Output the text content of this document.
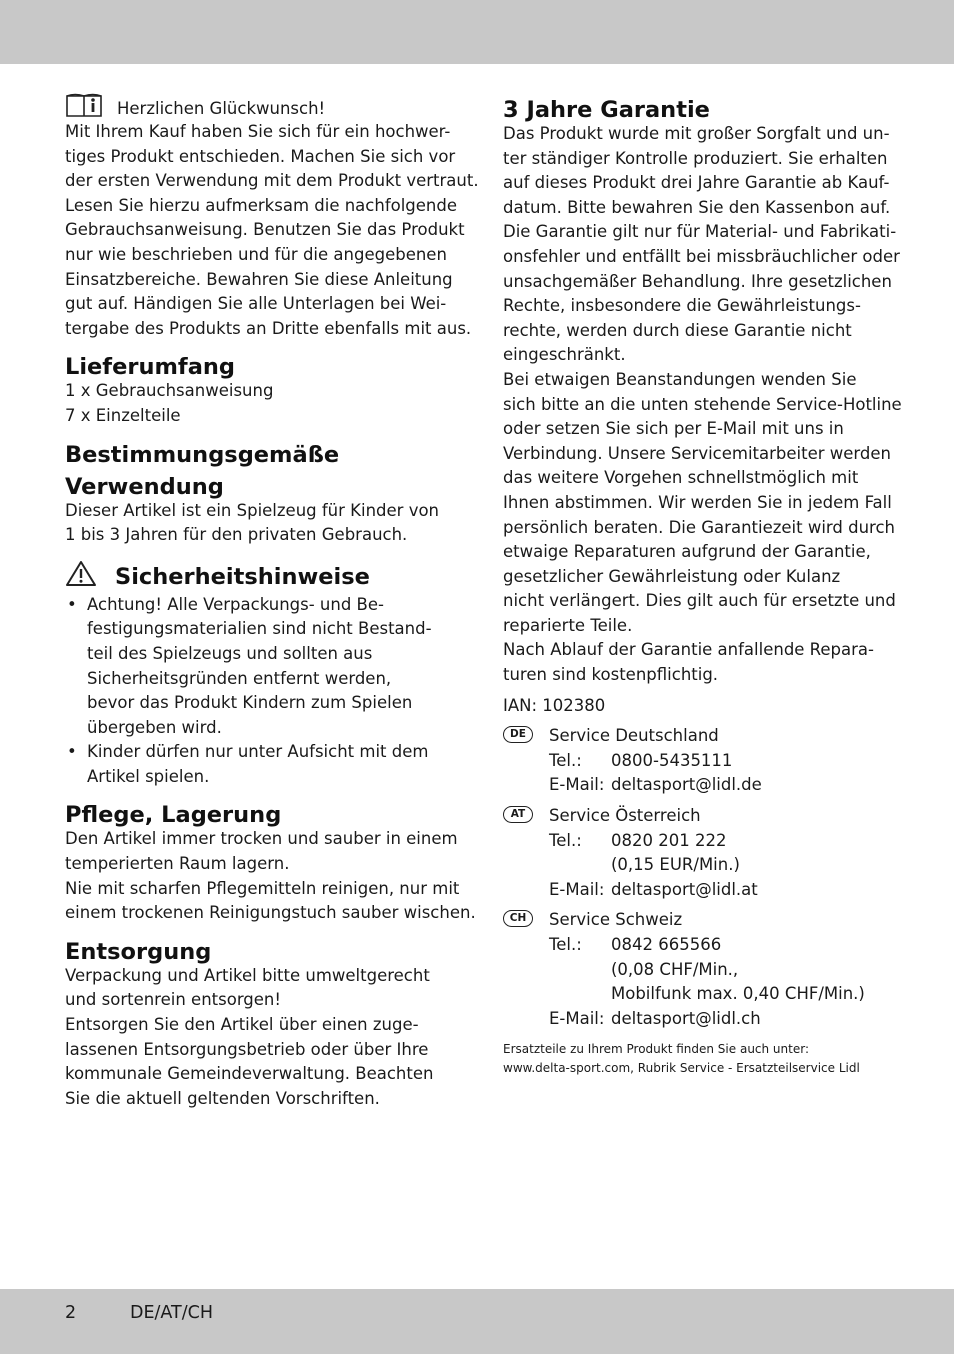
Herzlichen Glückwunsch!

Mit Ihrem Kauf haben Sie sich für ein hochwer-
tiges Produkt entschieden. Machen Sie sich vor
der ersten Verwendung mit dem Produkt vertraut.
Lesen Sie hierzu aufmerksam die nachfolgende
Gebrauchsanweisung. Benutzen Sie das Produkt
nur wie beschrieben und für die angegebenen
Einsatzbereiche. Bewahren Sie diese Anleitung
gut auf. Händigen Sie alle Unterlagen bei Wei-
tergabe des Produkts an Dritte ebenfalls mit aus.

Lieferumfang

1 x Gebrauchsanweisung
7 x Einzelteile

Bestimmungsgemäße
Verwendung

Dieser Artikel ist ein Spielzeug für Kinder von
1 bis 3 Jahren für den privaten Gebrauch.

Sicherheitshinweise
• Achtung! Alle Verpackungs- und Be-
festigungsmaterialien sind nicht Bestand-
teil des Spielzeugs und sollten aus
Sicherheitsgründen entfernt werden,
bevor das Produkt Kindern zum Spielen
übergeben wird.
• Kinder dürfen nur unter Aufsicht mit dem
Artikel spielen.
Pflege, Lagerung

Den Artikel immer trocken und sauber in einem
temperierten Raum lagern.
Nie mit scharfen Pflegemitteln reinigen, nur mit
einem trockenen Reinigungstuch sauber wischen.

Entsorgung

Verpackung und Artikel bitte umweltgerecht
und sortenrein entsorgen!
Entsorgen Sie den Artikel über einen zuge-
lassenen Entsorgungsbetrieb oder über Ihre
kommunale Gemeindeverwaltung. Beachten
Sie die aktuell geltenden Vorschriften.

3 Jahre Garantie

Das Produkt wurde mit großer Sorgfalt und un-
ter ständiger Kontrolle produziert. Sie erhalten
auf dieses Produkt drei Jahre Garantie ab Kauf-
datum. Bitte bewahren Sie den Kassenbon auf.
Die Garantie gilt nur für Material- und Fabrikati-
onsfehler und entfällt bei missbräuchlicher oder
unsachgemäßer Behandlung. Ihre gesetzlichen
Rechte, insbesondere die Gewährleistungs-
rechte, werden durch diese Garantie nicht
eingeschränkt.
Bei etwaigen Beanstandungen wenden Sie
sich bitte an die unten stehende Service-Hotline
oder setzen Sie sich per E-Mail mit uns in
Verbindung. Unsere Servicemitarbeiter werden
das weitere Vorgehen schnellstmöglich mit
Ihnen abstimmen. Wir werden Sie in jedem Fall
persönlich beraten. Die Garantiezeit wird durch
etwaige Reparaturen aufgrund der Garantie,
gesetzlicher Gewährleistung oder Kulanz
nicht verlängert. Dies gilt auch für ersetzte und
reparierte Teile.
Nach Ablauf der Garantie anfallende Repara-
turen sind kostenpflichtig.

IAN: 102380

DE	Service Deutschland
Tel.:	0800-5435111
E-Mail: deltasport@lidl.de
AT	Service Österreich
Tel.:	0820 201 222
(0,15 EUR/Min.)
E-Mail: deltasport@lidl.at
CH	Service Schweiz
Tel.:	0842 665566
(0,08 CHF/Min.,
Mobilfunk max. 0,40 CHF/Min.)
E-Mail: deltasport@lidl.ch

Ersatzteile zu Ihrem Produkt finden Sie auch unter:
www.delta-sport.com, Rubrik Service - Ersatzteilservice Lidl

2	DE/AT/CH
